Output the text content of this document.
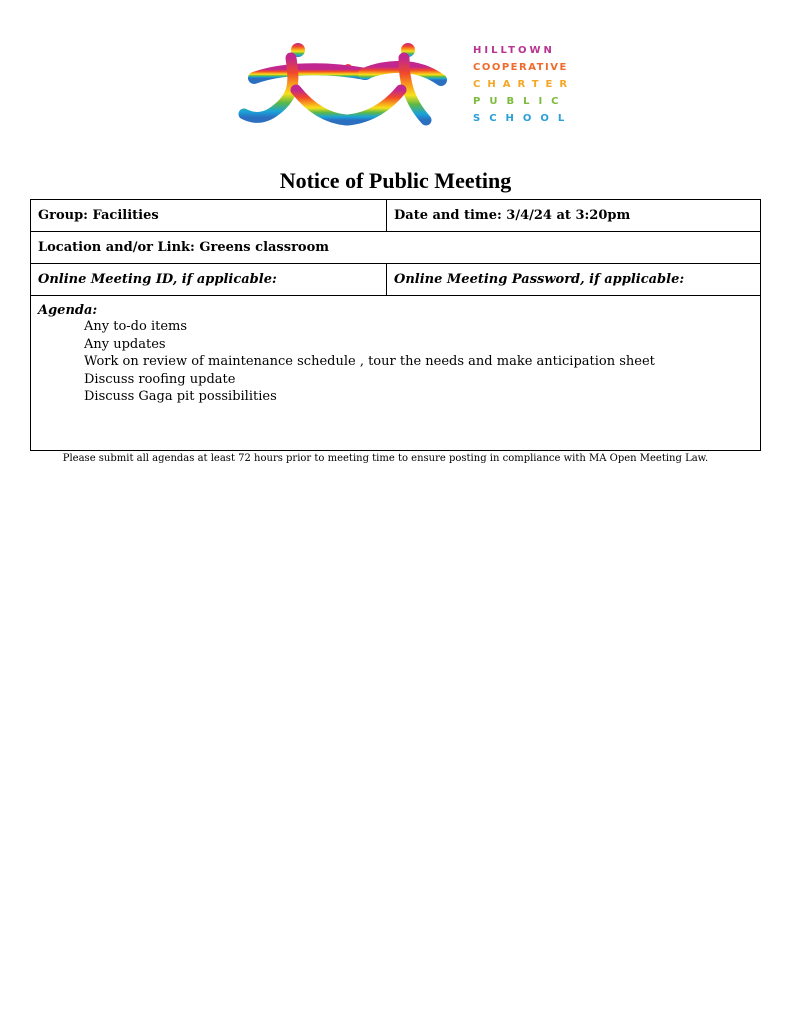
HILLTOWN
COOPERATIVE
CHARTER
PUBLIC
SCHOOL
Notice of Public Meeting
Group: Facilities	Date and time: 3/4/24 at 3:20pm
Location and/or Link: Greens classroom
Online Meeting ID, if applicable:	Online Meeting Password, if applicable:
Agenda:
Any to-do items
Any updates
Work on review of maintenance schedule , tour the needs and make anticipation sheet
Discuss roofing update
Discuss Gaga pit possibilities
Please submit all agendas at least 72 hours prior to meeting time to ensure posting in compliance with MA Open Meeting Law.
